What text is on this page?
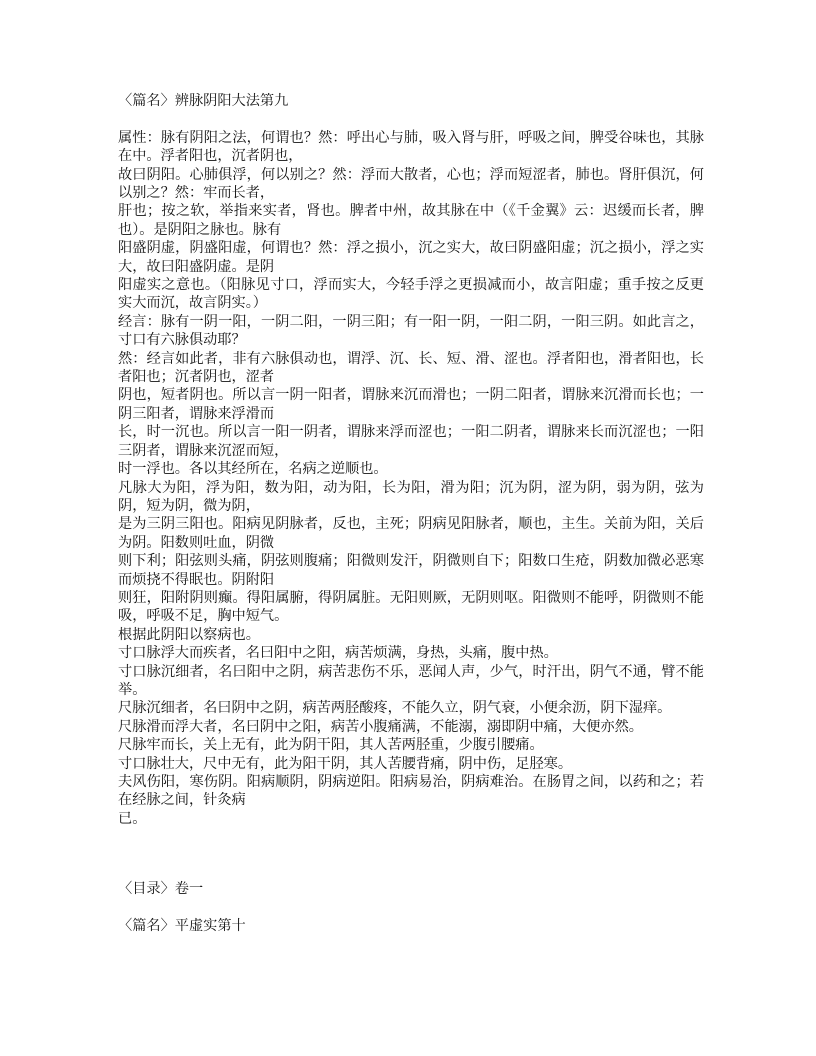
〈篇名〉辨脉阴阳大法第九

属性：脉有阴阳之法，何谓也？然：呼出心与肺，吸入肾与肝，呼吸之间，脾受谷味也，其脉在中。浮者阳也，沉者阴也，

故曰阴阳。心肺俱浮，何以别之？然：浮而大散者，心也；浮而短涩者，肺也。肾肝俱沉，何以别之？然：牢而长者，

肝也；按之软，举指来实者，肾也。脾者中州，故其脉在中（《千金翼》云：迟缓而长者，脾也）。是阴阳之脉也。脉有

阳盛阴虚，阴盛阳虚，何谓也？然：浮之损小，沉之实大，故曰阴盛阳虚；沉之损小，浮之实大，故曰阳盛阴虚。是阴

阳虚实之意也。（阳脉见寸口，浮而实大，今轻手浮之更损减而小，故言阳虚；重手按之反更实大而沉，故言阴实。）

经言：脉有一阴一阳，一阴二阳，一阴三阳；有一阳一阴，一阳二阴，一阳三阴。如此言之，寸口有六脉俱动耶？

然：经言如此者，非有六脉俱动也，谓浮、沉、长、短、滑、涩也。浮者阳也，滑者阳也，长者阳也；沉者阴也，涩者

阴也，短者阴也。所以言一阴一阳者，谓脉来沉而滑也；一阴二阳者，谓脉来沉滑而长也；一阴三阳者，谓脉来浮滑而

长，时一沉也。所以言一阳一阴者，谓脉来浮而涩也；一阳二阴者，谓脉来长而沉涩也；一阳三阴者，谓脉来沉涩而短，

时一浮也。各以其经所在，名病之逆顺也。

凡脉大为阳，浮为阳，数为阳，动为阳，长为阳，滑为阳；沉为阴，涩为阴，弱为阴，弦为阴，短为阴，微为阴，

是为三阴三阳也。阳病见阴脉者，反也，主死；阴病见阳脉者，顺也，主生。关前为阳，关后为阴。阳数则吐血，阴微

则下利；阳弦则头痛，阴弦则腹痛；阳微则发汗，阴微则自下；阳数口生疮，阴数加微必恶寒而烦挠不得眠也。阴附阳

则狂，阳附阴则癫。得阳属腑，得阴属脏。无阳则厥，无阴则呕。阳微则不能呼，阴微则不能吸，呼吸不足，胸中短气。

根据此阴阳以察病也。

寸口脉浮大而疾者，名曰阳中之阳，病苦烦满，身热，头痛，腹中热。

寸口脉沉细者，名曰阳中之阴，病苦悲伤不乐，恶闻人声，少气，时汗出，阴气不通，臂不能举。

尺脉沉细者，名曰阴中之阴，病苦两胫酸疼，不能久立，阴气衰，小便余沥，阴下湿痒。

尺脉滑而浮大者，名曰阴中之阳，病苦小腹痛满，不能溺，溺即阴中痛，大便亦然。

尺脉牢而长，关上无有，此为阴干阳，其人苦两胫重，少腹引腰痛。

寸口脉壮大，尺中无有，此为阳干阴，其人苦腰背痛，阴中伤，足胫寒。

夫风伤阳，寒伤阴。阳病顺阴，阴病逆阳。阳病易治，阴病难治。在肠胃之间，以药和之；若在经脉之间，针灸病

已。

〈目录〉卷一

〈篇名〉平虚实第十
